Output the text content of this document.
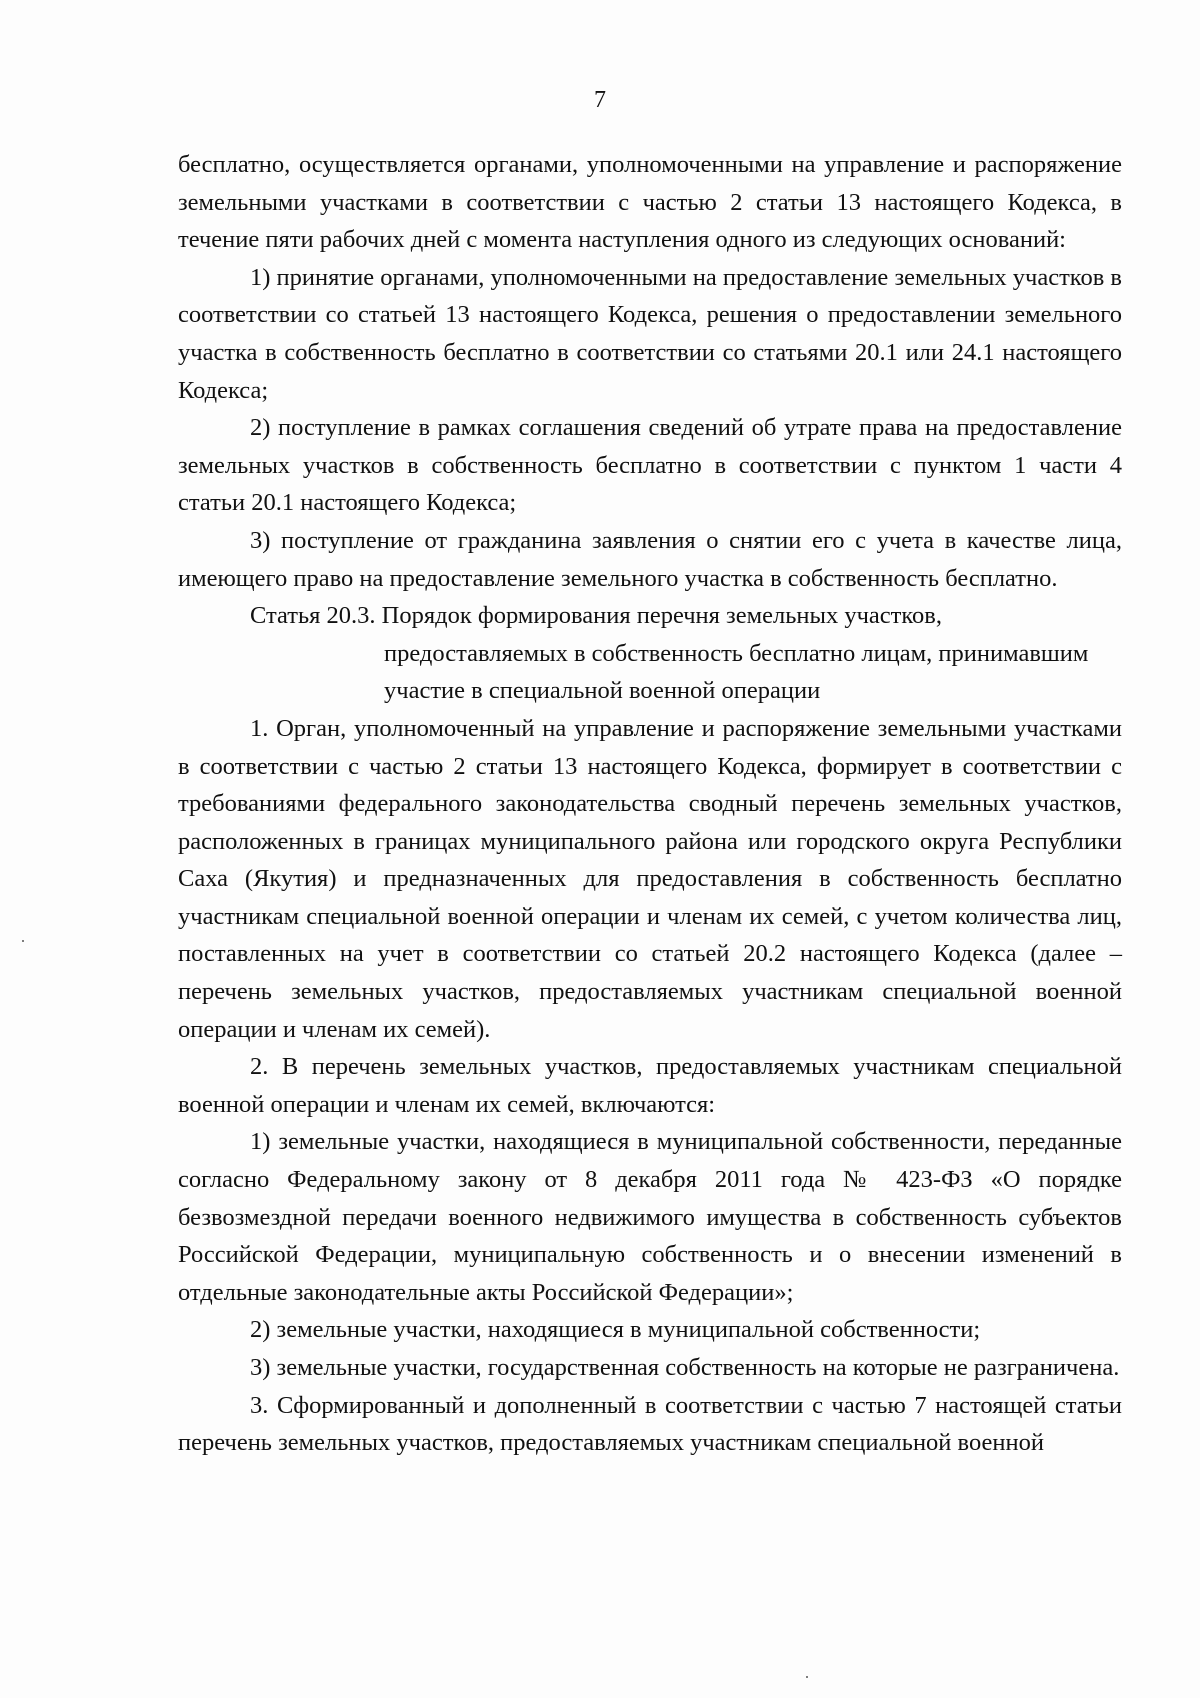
7

бесплатно, осуществляется органами, уполномоченными на управление и распоряжение земельными участками в соответствии с частью 2 статьи 13 настоящего Кодекса, в течение пяти рабочих дней с момента наступления одного из следующих оснований:

1) принятие органами, уполномоченными на предоставление земельных участков в соответствии со статьей 13 настоящего Кодекса, решения о предоставлении земельного участка в собственность бесплатно в соответствии со статьями 20.1 или 24.1 настоящего Кодекса;

2) поступление в рамках соглашения сведений об утрате права на предоставление земельных участков в собственность бесплатно в соответствии с пунктом 1 части 4 статьи 20.1 настоящего Кодекса;

3) поступление от гражданина заявления о снятии его с учета в качестве лица, имеющего право на предоставление земельного участка в собственность бесплатно.

Статья 20.3. Порядок формирования перечня земельных участков,
предоставляемых в собственность бесплатно лицам, принимавшим
участие в специальной военной операции

1. Орган, уполномоченный на управление и распоряжение земельными участками в соответствии с частью 2 статьи 13 настоящего Кодекса, формирует в соответствии с требованиями федерального законодательства сводный перечень земельных участков, расположенных в границах муниципального района или городского округа Республики Саха (Якутия) и предназначенных для предоставления в собственность бесплатно участникам специальной военной операции и членам их семей, с учетом количества лиц, поставленных на учет в соответствии со статьей 20.2 настоящего Кодекса (далее – перечень земельных участков, предоставляемых участникам специальной военной операции и членам их семей).

2. В перечень земельных участков, предоставляемых участникам специальной военной операции и членам их семей, включаются:

1) земельные участки, находящиеся в муниципальной собственности, переданные согласно Федеральному закону от 8 декабря 2011 года № 423-ФЗ «О порядке безвозмездной передачи военного недвижимого имущества в собственность субъектов Российской Федерации, муниципальную собственность и о внесении изменений в отдельные законодательные акты Российской Федерации»;

2) земельные участки, находящиеся в муниципальной собственности;

3) земельные участки, государственная собственность на которые не разграничена.

3. Сформированный и дополненный в соответствии с частью 7 настоящей статьи перечень земельных участков, предоставляемых участникам специальной военной
